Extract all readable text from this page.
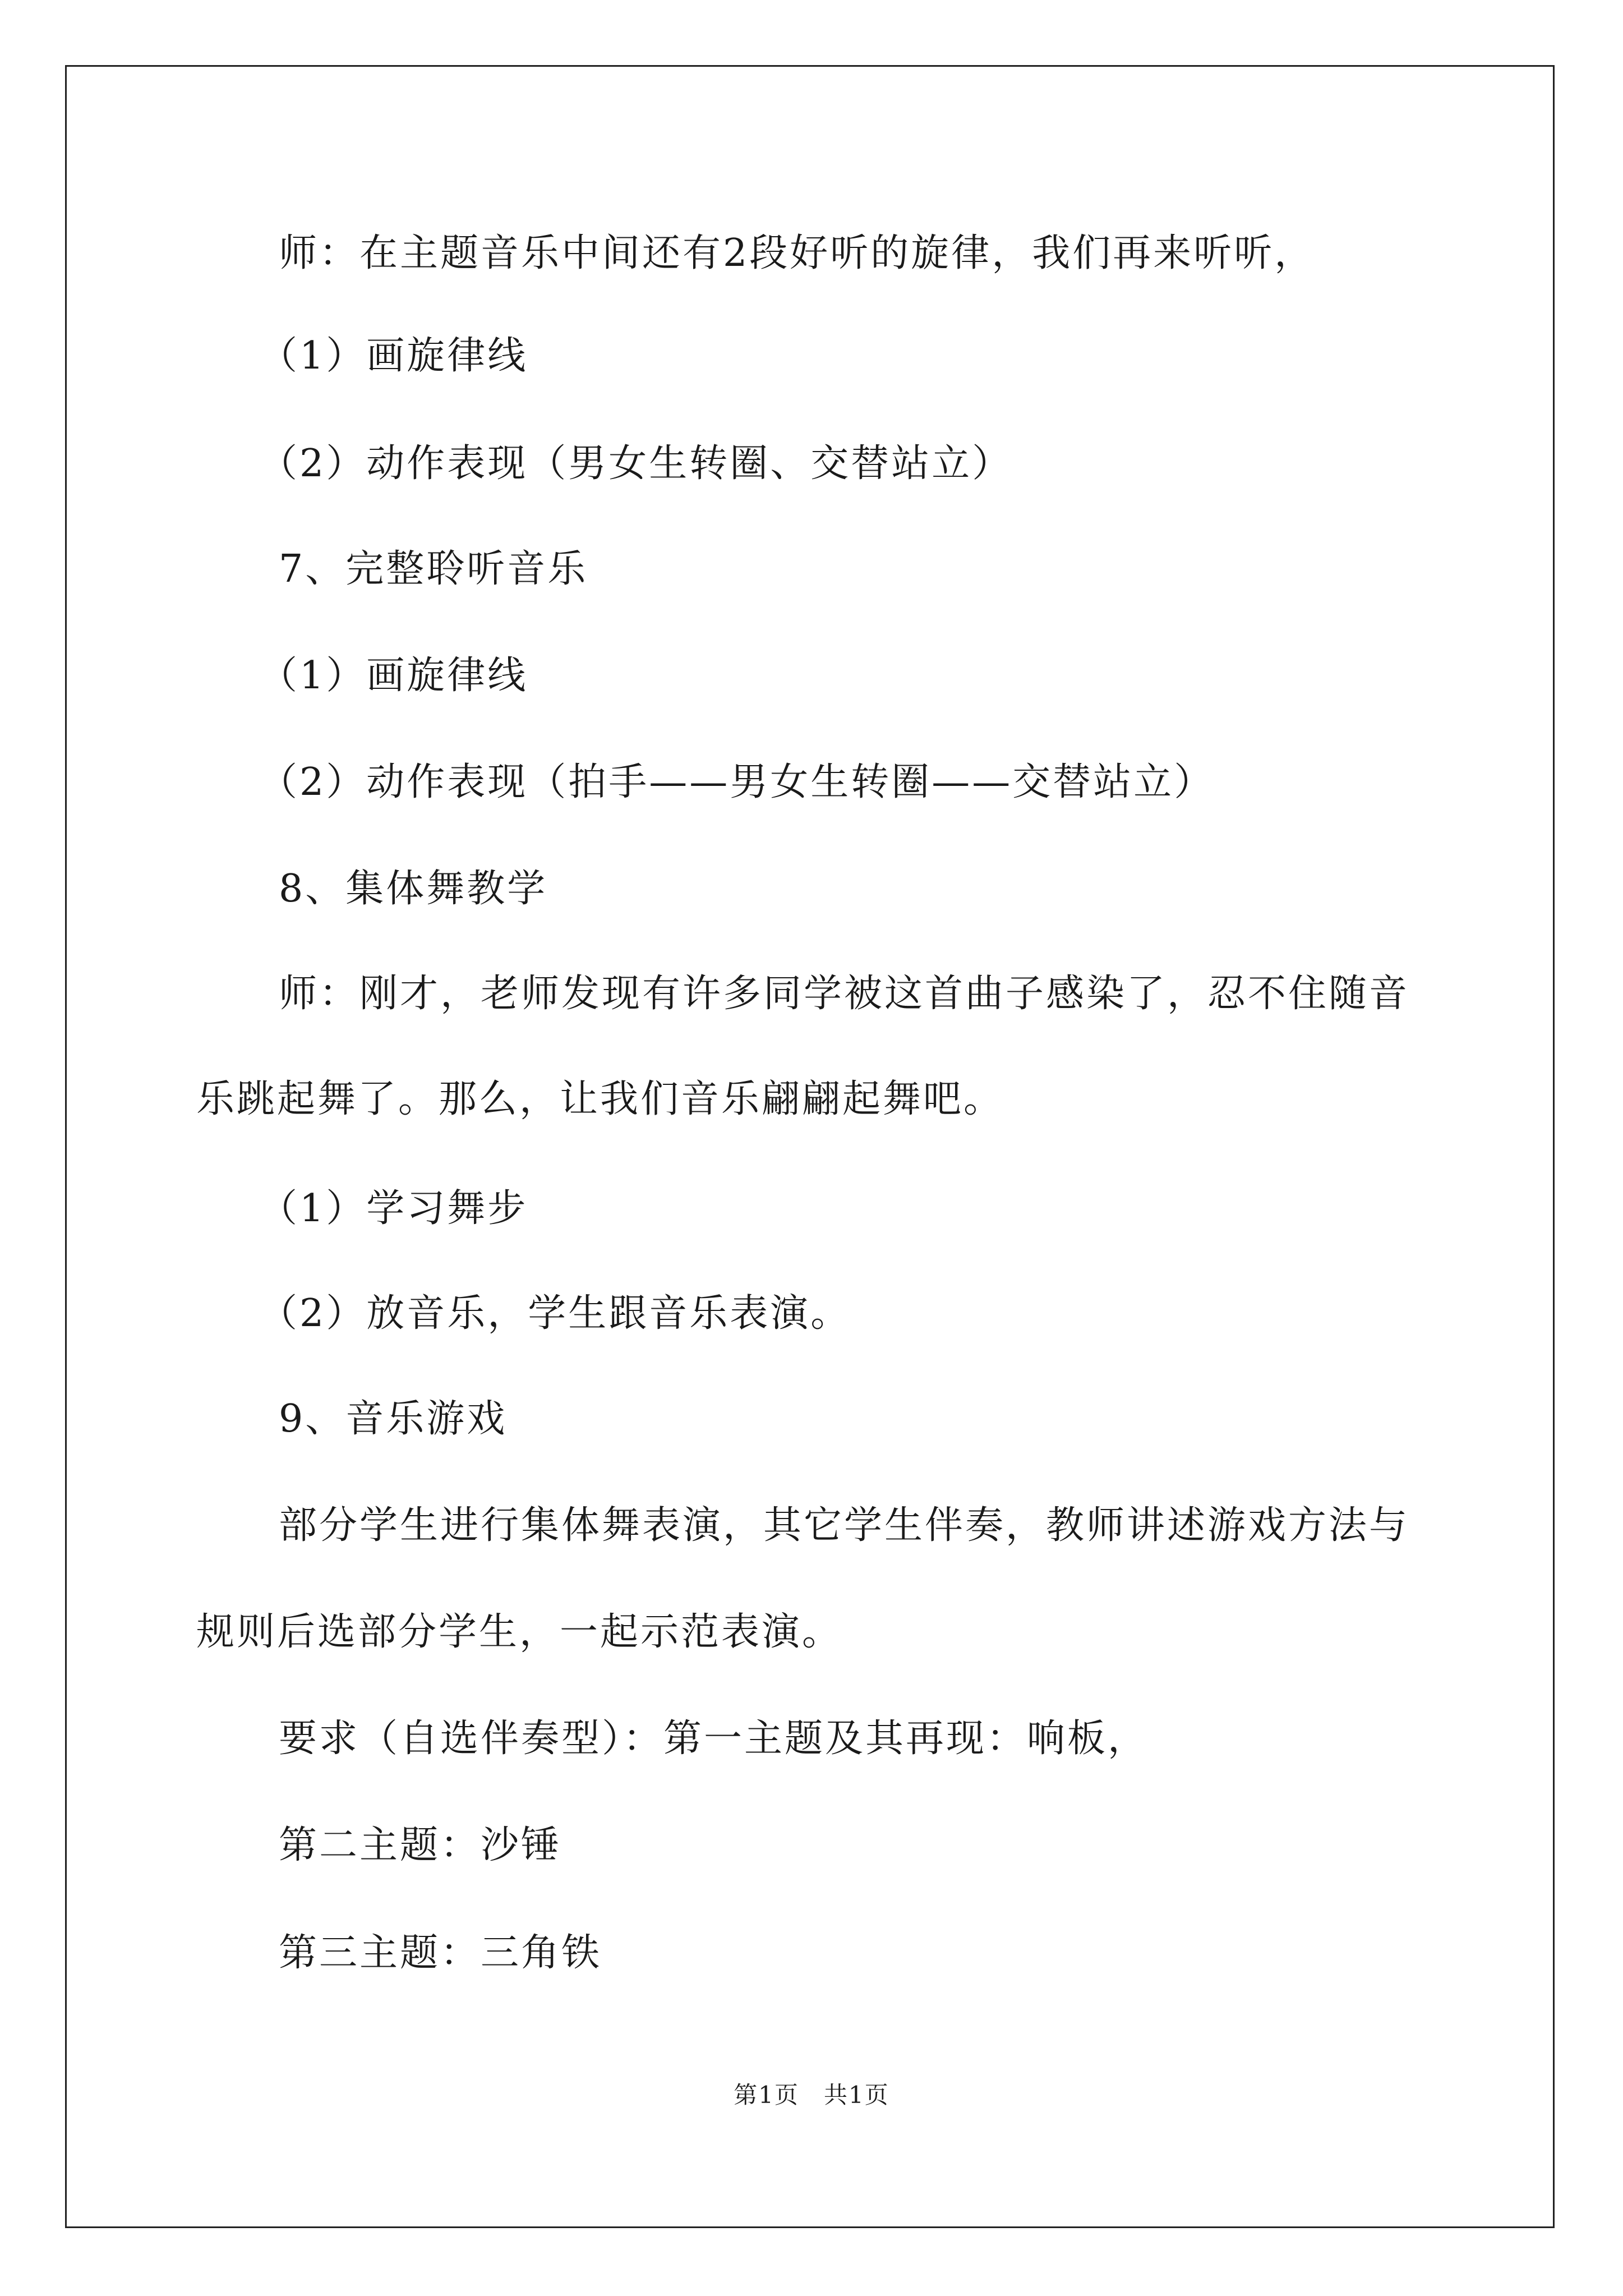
师：在主题音乐中间还有2段好听的旋律，我们再来听听，
（1）画旋律线
（2）动作表现（男女生转圈、交替站立）
7、完整聆听音乐
（1）画旋律线
（2）动作表现（拍手——男女生转圈——交替站立）
8、集体舞教学
师：刚才，老师发现有许多同学被这首曲子感染了，忍不住随音
乐跳起舞了。那么，让我们音乐翩翩起舞吧。
（1）学习舞步
（2）放音乐，学生跟音乐表演。
9、音乐游戏
部分学生进行集体舞表演，其它学生伴奏，教师讲述游戏方法与
规则后选部分学生，一起示范表演。
要求（自选伴奏型）：第一主题及其再现：响板，
第二主题：沙锤
第三主题：三角铁
第1页　共1页
